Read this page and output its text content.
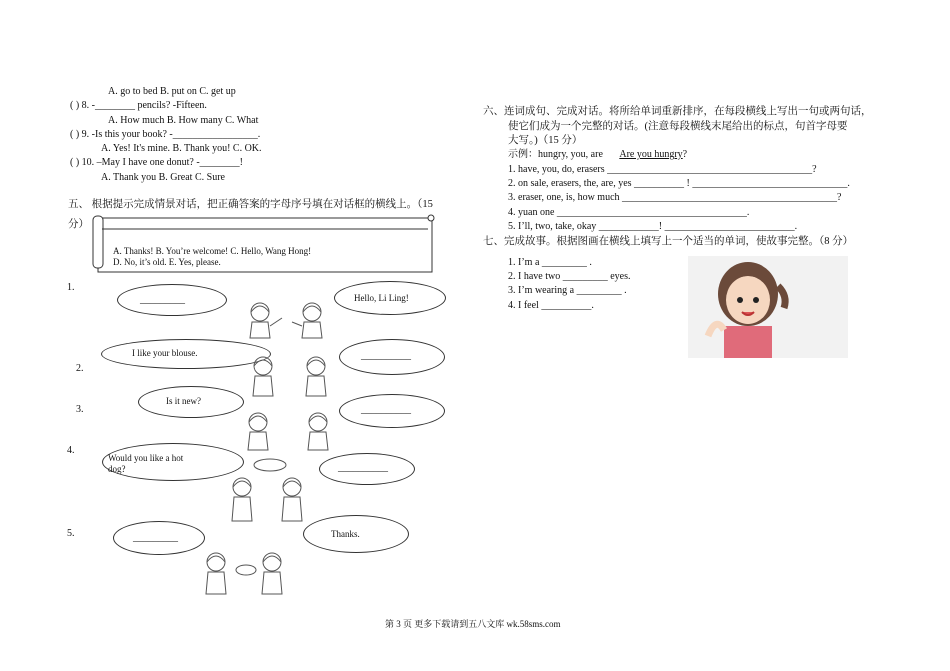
A. go to bed B. put on C. get up
( ) 8. -________ pencils? -Fifteen.
A. How much B. How many C. What
( ) 9. -Is this your book? -_________________.
A. Yes! It's mine. B. Thank you! C. OK.
( ) 10. –May I have one donut? -________!
A. Thank you B. Great C. Sure
五、 根据提示完成情景对话，把正确答案的字母序号填在对话框的横线上。（15
分）
A. Thanks! B. You’re welcome! C. Hello, Wang Hong!
D. No, it’s old. E. Yes, please.
1.
_________	Hello, Li Ling!
2.
I like your blouse.	__________
3.
Is it new?
__________
4.
Would you like a hot
dog?	__________
5.	_________	Thanks.
六、连词成句、完成对话。将所给单词重新排序，在每段横线上写出一句或两句话，
使它们成为一个完整的对话。(注意每段横线末尾给出的标点，句首字母要
大写。)（15 分）
示例：hungry, you, are Are you hungry?
1. have, you, do, erasers _________________________________________?
2. on sale, erasers, the, are, yes __________ ! _______________________________.
3. eraser, one, is, how much ___________________________________________?
4. yuan one ______________________________________.
5. I’ll, two, take, okay ____________! __________________________.
七、完成故事。根据图画在横线上填写上一个适当的单词，使故事完整。（8 分）
1. I’m a _________ .
2. I have two _________ eyes.
3. I’m wearing a _________ .
4. I feel __________.
第 3 页 更多下载请到五八文库 wk.58sms.com
